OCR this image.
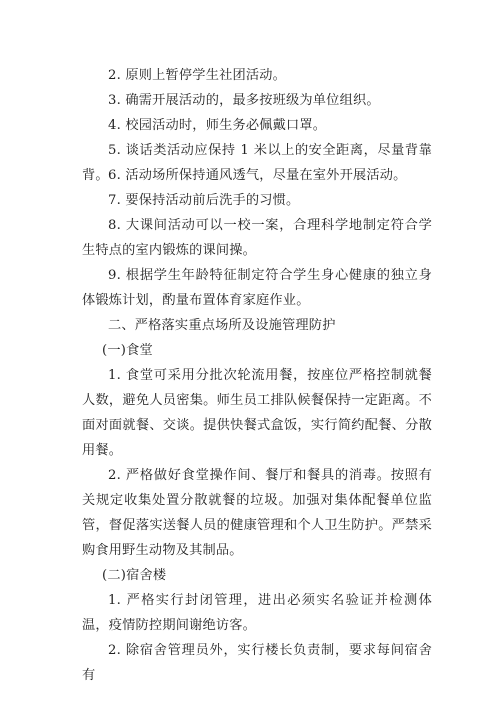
2. 原则上暂停学生社团活动。

3. 确需开展活动的，最多按班级为单位组织。

4. 校园活动时，师生务必佩戴口罩。

5. 谈话类活动应保持 1 米以上的安全距离，尽量背靠背。 6. 活动场所保持通风透气，尽量在室外开展活动。

7. 要保持活动前后洗手的习惯。

8. 大课间活动可以一校一案，合理科学地制定符合学生特点的室内锻炼的课间操。

9. 根据学生年龄特征制定符合学生身心健康的独立身体锻炼计划，酌量布置体育家庭作业。

二、严格落实重点场所及设施管理防护

(一)食堂

1. 食堂可采用分批次轮流用餐，按座位严格控制就餐人数，避免人员密集。师生员工排队候餐保持一定距离。不面对面就餐、交谈。提供快餐式盒饭，实行简约配餐、分散用餐。

2. 严格做好食堂操作间、餐厅和餐具的消毒。按照有关规定收集处置分散就餐的垃圾。加强对集体配餐单位监管，督促落实送餐人员的健康管理和个人卫生防护。严禁采购食用野生动物及其制品。

(二)宿舍楼

1. 严格实行封闭管理，进出必须实名验证并检测体温，疫情防控期间谢绝访客。

2. 除宿舍管理员外，实行楼长负责制，要求每间宿舍有
